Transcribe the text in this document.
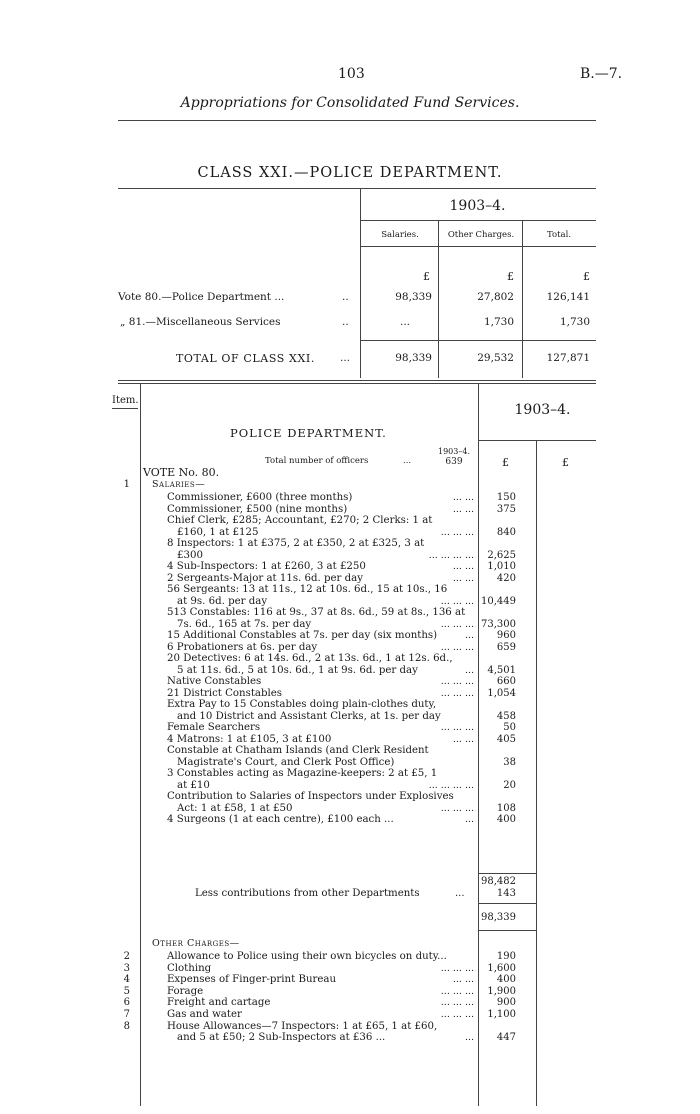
103	B.—7.
Appropriations for Consolidated Fund Services.
CLASS XXI.—POLICE DEPARTMENT.
1903–4.
Salaries.	Other Charges.	Total.
£	£	£
Vote 80.—Police Department ...	..	98,339	27,802	126,141
„ 81.—Miscellaneous Services	..	...	1,730	1,730
TOTAL OF CLASS XXI. ...	98,339	29,532	127,871
Item.
1903–4.
POLICE DEPARTMENT.
Total number of officers	...
1903–4.
639	£	£
VOTE No. 80.
Salaries—
1
Commissioner, £600 (three months)	... ...	150
Commissioner, £500 (nine months)	... ...	375
Chief Clerk, £285; Accountant, £270; 2 Clerks: 1 at
£160, 1 at £125	... ... ...	840
8 Inspectors: 1 at £375, 2 at £350, 2 at £325, 3 at
£300	... ... ... ...	2,625
4 Sub-Inspectors: 1 at £260, 3 at £250	... ...	1,010
2 Sergeants-Major at 11s. 6d. per day	... ...	420
56 Sergeants: 13 at 11s., 12 at 10s. 6d., 15 at 10s., 16
at 9s. 6d. per day	... ... ... 10,449
513 Constables: 116 at 9s., 37 at 8s. 6d., 59 at 8s., 136 at
7s. 6d., 165 at 7s. per day	... ... ... 73,300
15 Additional Constables at 7s. per day (six months)	...	960
6 Probationers at 6s. per day	... ... ...	659
20 Detectives: 6 at 14s. 6d., 2 at 13s. 6d., 1 at 12s. 6d.,
5 at 11s. 6d., 5 at 10s. 6d., 1 at 9s. 6d. per day	...	4,501
Native Constables	... ... ...	660
21 District Constables	... ... ...	1,054
Extra Pay to 15 Constables doing plain-clothes duty,
and 10 District and Assistant Clerks, at 1s. per day	458
Female Searchers	... ... ...	50
4 Matrons: 1 at £105, 3 at £100	... ...	405
Constable at Chatham Islands (and Clerk Resident
Magistrate's Court, and Clerk Post Office)	38
3 Constables acting as Magazine-keepers: 2 at £5, 1
at £10	... ... ... ...	20
Contribution to Salaries of Inspectors under Explosives
Act: 1 at £58, 1 at £50	... ... ...	108
4 Surgeons (1 at each centre), £100 each ...	...	400
98,482
Less contributions from other Departments	...	143
98,339
Other Charges—
2	Allowance to Police using their own bicycles on duty...	190
3	Clothing	... ... ...	1,600
4	Expenses of Finger-print Bureau	... ...	400
5	Forage	... ... ...	1,900
6	Freight and cartage	... ... ...	900
7	Gas and water	... ... ...	1,100
8	House Allowances—7 Inspectors: 1 at £65, 1 at £60,
and 5 at £50; 2 Sub-Inspectors at £36 ...	...	447
